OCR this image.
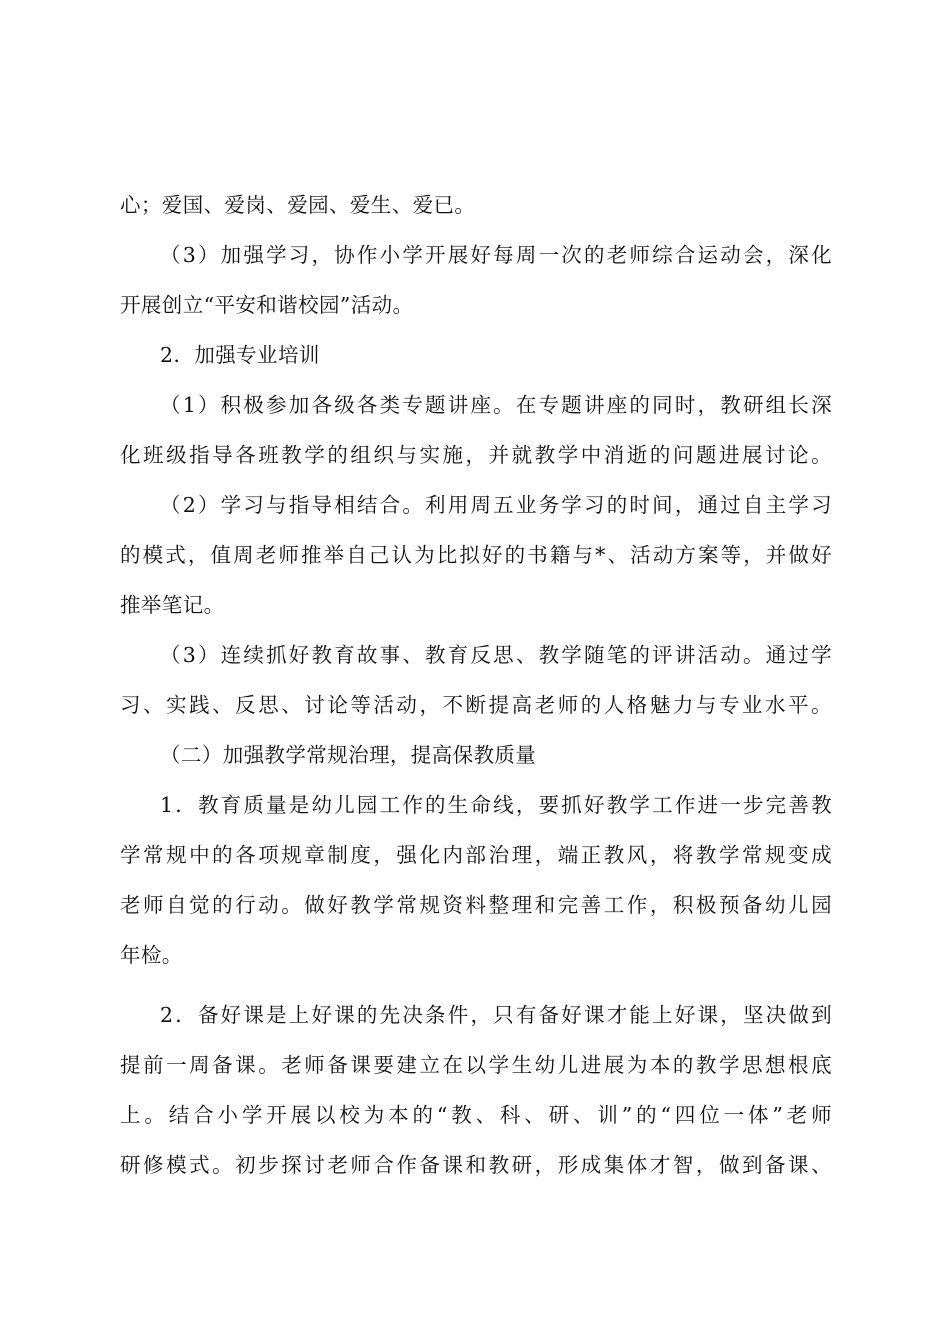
心；爱国、爱岗、爱园、爱生、爱已。
（3）加强学习，协作小学开展好每周一次的老师综合运动会，深化
开展创立“平安和谐校园”活动。
2．加强专业培训
（1）积极参加各级各类专题讲座。在专题讲座的同时，教研组长深
化班级指导各班教学的组织与实施，并就教学中消逝的问题进展讨论。
（2）学习与指导相结合。利用周五业务学习的时间，通过自主学习
的模式，值周老师推举自己认为比拟好的书籍与*、活动方案等，并做好
推举笔记。
（3）连续抓好教育故事、教育反思、教学随笔的评讲活动。通过学
习、实践、反思、讨论等活动，不断提高老师的人格魅力与专业水平。
（二）加强教学常规治理，提高保教质量
1．教育质量是幼儿园工作的生命线，要抓好教学工作进一步完善教
学常规中的各项规章制度，强化内部治理，端正教风，将教学常规变成
老师自觉的行动。做好教学常规资料整理和完善工作，积极预备幼儿园
年检。
2．备好课是上好课的先决条件，只有备好课才能上好课，坚决做到
提前一周备课。老师备课要建立在以学生幼儿进展为本的教学思想根底
上。结合小学开展以校为本的“教、科、研、训”的“四位一体”老师
研修模式。初步探讨老师合作备课和教研，形成集体才智，做到备课、
